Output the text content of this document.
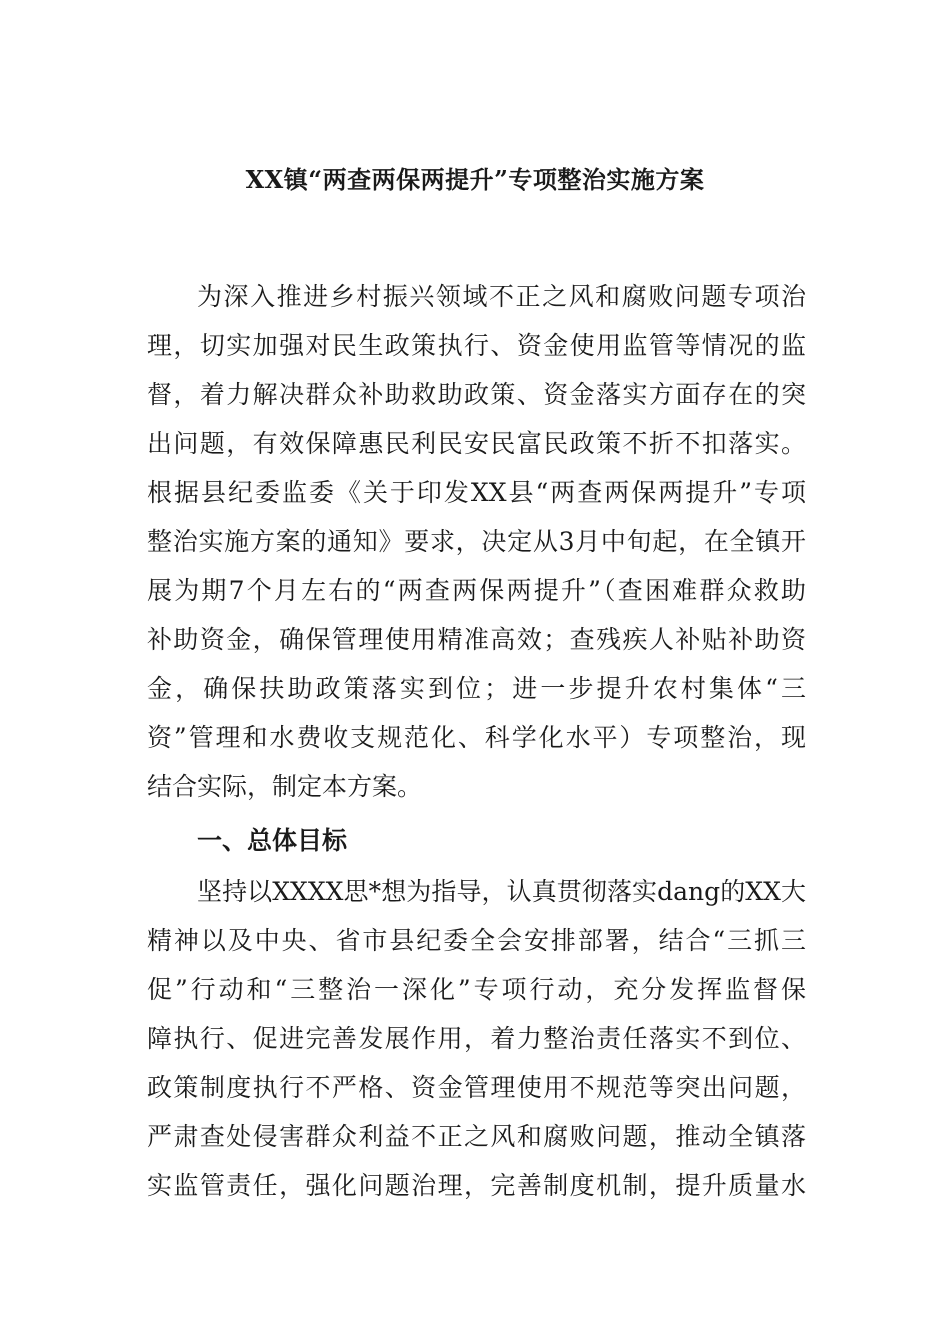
XX镇“两查两保两提升”专项整治实施方案
为深入推进乡村振兴领域不正之风和腐败问题专项治
理，切实加强对民生政策执行、资金使用监管等情况的监
督，着力解决群众补助救助政策、资金落实方面存在的突
出问题，有效保障惠民利民安民富民政策不折不扣落实。
根据县纪委监委《关于印发XX县“两查两保两提升”专项
整治实施方案的通知》要求，决定从3月中旬起，在全镇开
展为期7个月左右的“两查两保两提升”（查困难群众救助
补助资金，确保管理使用精准高效；查残疾人补贴补助资
金，确保扶助政策落实到位；进一步提升农村集体“三
资”管理和水费收支规范化、科学化水平）专项整治，现
结合实际，制定本方案。
一、总体目标
坚持以XXXX思*想为指导，认真贯彻落实dang的XX大
精神以及中央、省市县纪委全会安排部署，结合“三抓三
促”行动和“三整治一深化”专项行动，充分发挥监督保
障执行、促进完善发展作用，着力整治责任落实不到位、
政策制度执行不严格、资金管理使用不规范等突出问题，
严肃查处侵害群众利益不正之风和腐败问题，推动全镇落
实监管责任，强化问题治理，完善制度机制，提升质量水
